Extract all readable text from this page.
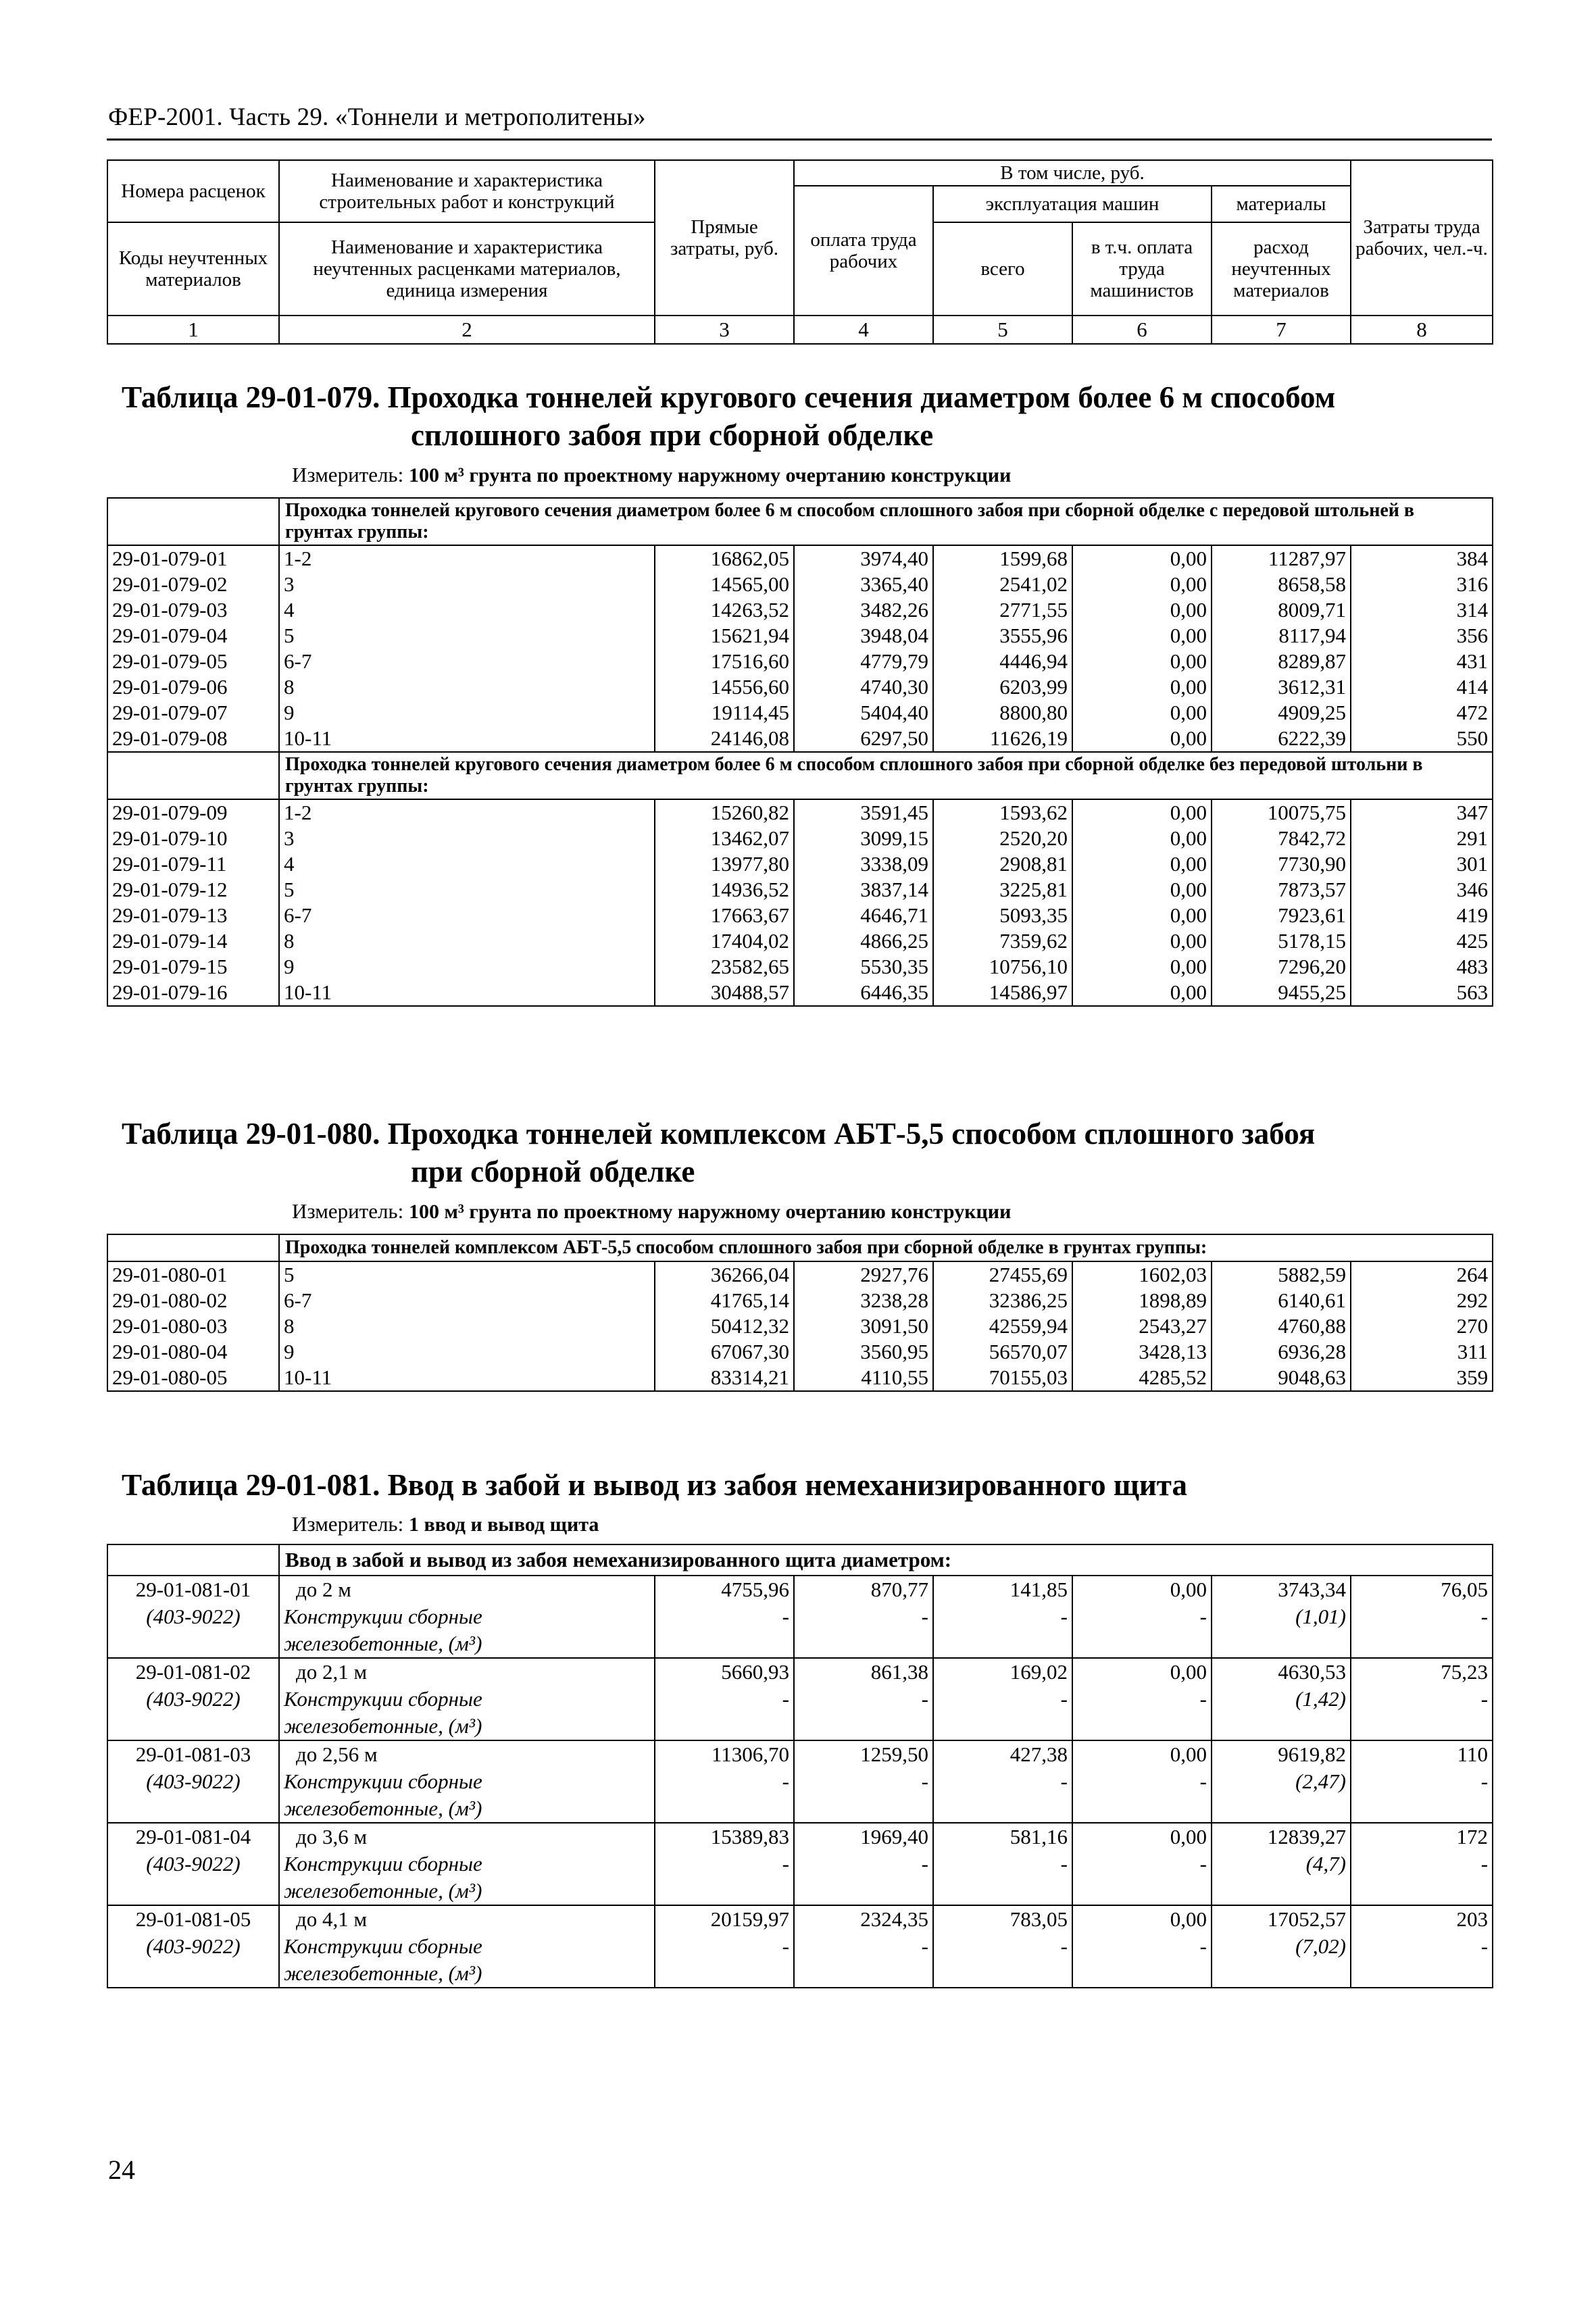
ФЕР-2001. Часть 29. «Тоннели и метрополитены»
Номера расценок	Наименование и характеристика строительных работ и конструкций	Прямые затраты, руб.	В том числе, руб.				Затраты труда рабочих, чел.-ч.
			оплата труда рабочих	эксплуатация машин		материалы	
Коды неучтенных материалов	Наименование и характеристика неучтенных расценками материалов, единица измерения			всего	в т.ч. оплата труда машинистов	расход неучтенных материалов	

1	2	3	4	5	6	7	8
Таблица 29-01-079. Проходка тоннелей кругового сечения диаметром более 6 м способом
сплошного забоя при сборной обделке
Измеритель: 100 м³ грунта по проектному наружному очертанию конструкции
	Проходка тоннелей кругового сечения диаметром более 6 м способом сплошного забоя при сборной обделке с передовой штольней в грунтах группы:						
29-01-079-01	1-2	16862,05	3974,40	1599,68	0,00	11287,97	384
29-01-079-02	3	14565,00	3365,40	2541,02	0,00	8658,58	316
29-01-079-03	4	14263,52	3482,26	2771,55	0,00	8009,71	314
29-01-079-04	5	15621,94	3948,04	3555,96	0,00	8117,94	356
29-01-079-05	6-7	17516,60	4779,79	4446,94	0,00	8289,87	431
29-01-079-06	8	14556,60	4740,30	6203,99	0,00	3612,31	414
29-01-079-07	9	19114,45	5404,40	8800,80	0,00	4909,25	472
29-01-079-08	10-11	24146,08	6297,50	11626,19	0,00	6222,39	550
	Проходка тоннелей кругового сечения диаметром более 6 м способом сплошного забоя при сборной обделке без передовой штольни в грунтах группы:						
29-01-079-09	1-2	15260,82	3591,45	1593,62	0,00	10075,75	347
29-01-079-10	3	13462,07	3099,15	2520,20	0,00	7842,72	291
29-01-079-11	4	13977,80	3338,09	2908,81	0,00	7730,90	301
29-01-079-12	5	14936,52	3837,14	3225,81	0,00	7873,57	346
29-01-079-13	6-7	17663,67	4646,71	5093,35	0,00	7923,61	419
29-01-079-14	8	17404,02	4866,25	7359,62	0,00	5178,15	425
29-01-079-15	9	23582,65	5530,35	10756,10	0,00	7296,20	483
29-01-079-16	10-11	30488,57	6446,35	14586,97	0,00	9455,25	563
Таблица 29-01-080. Проходка тоннелей комплексом АБТ-5,5 способом сплошного забоя
при сборной обделке
Измеритель: 100 м³ грунта по проектному наружному очертанию конструкции
	Проходка тоннелей комплексом АБТ-5,5 способом сплошного забоя при сборной обделке в грунтах группы:						
29-01-080-01	5	36266,04	2927,76	27455,69	1602,03	5882,59	264
29-01-080-02	6-7	41765,14	3238,28	32386,25	1898,89	6140,61	292
29-01-080-03	8	50412,32	3091,50	42559,94	2543,27	4760,88	270
29-01-080-04	9	67067,30	3560,95	56570,07	3428,13	6936,28	311
29-01-080-05	10-11	83314,21	4110,55	70155,03	4285,52	9048,63	359
Таблица 29-01-081. Ввод в забой и вывод из забоя немеханизированного щита
Измеритель: 1 ввод и вывод щита
	Ввод в забой и вывод из забоя немеханизированного щита диаметром:						
29-01-081-01	до 2 м	4755,96	870,77	141,85	0,00	3743,34	76,05
(403-9022)	Конструкции сборные	-	-	-	-	(1,01)	-
	железобетонные, (м³)						
29-01-081-02	до 2,1 м	5660,93	861,38	169,02	0,00	4630,53	75,23
(403-9022)	Конструкции сборные	-	-	-	-	(1,42)	-
	железобетонные, (м³)						
29-01-081-03	до 2,56 м	11306,70	1259,50	427,38	0,00	9619,82	110
(403-9022)	Конструкции сборные	-	-	-	-	(2,47)	-
	железобетонные, (м³)						
29-01-081-04	до 3,6 м	15389,83	1969,40	581,16	0,00	12839,27	172
(403-9022)	Конструкции сборные	-	-	-	-	(4,7)	-
	железобетонные, (м³)						
29-01-081-05	до 4,1 м	20159,97	2324,35	783,05	0,00	17052,57	203
(403-9022)	Конструкции сборные	-	-	-	-	(7,02)	-
	железобетонные, (м³)						
24
